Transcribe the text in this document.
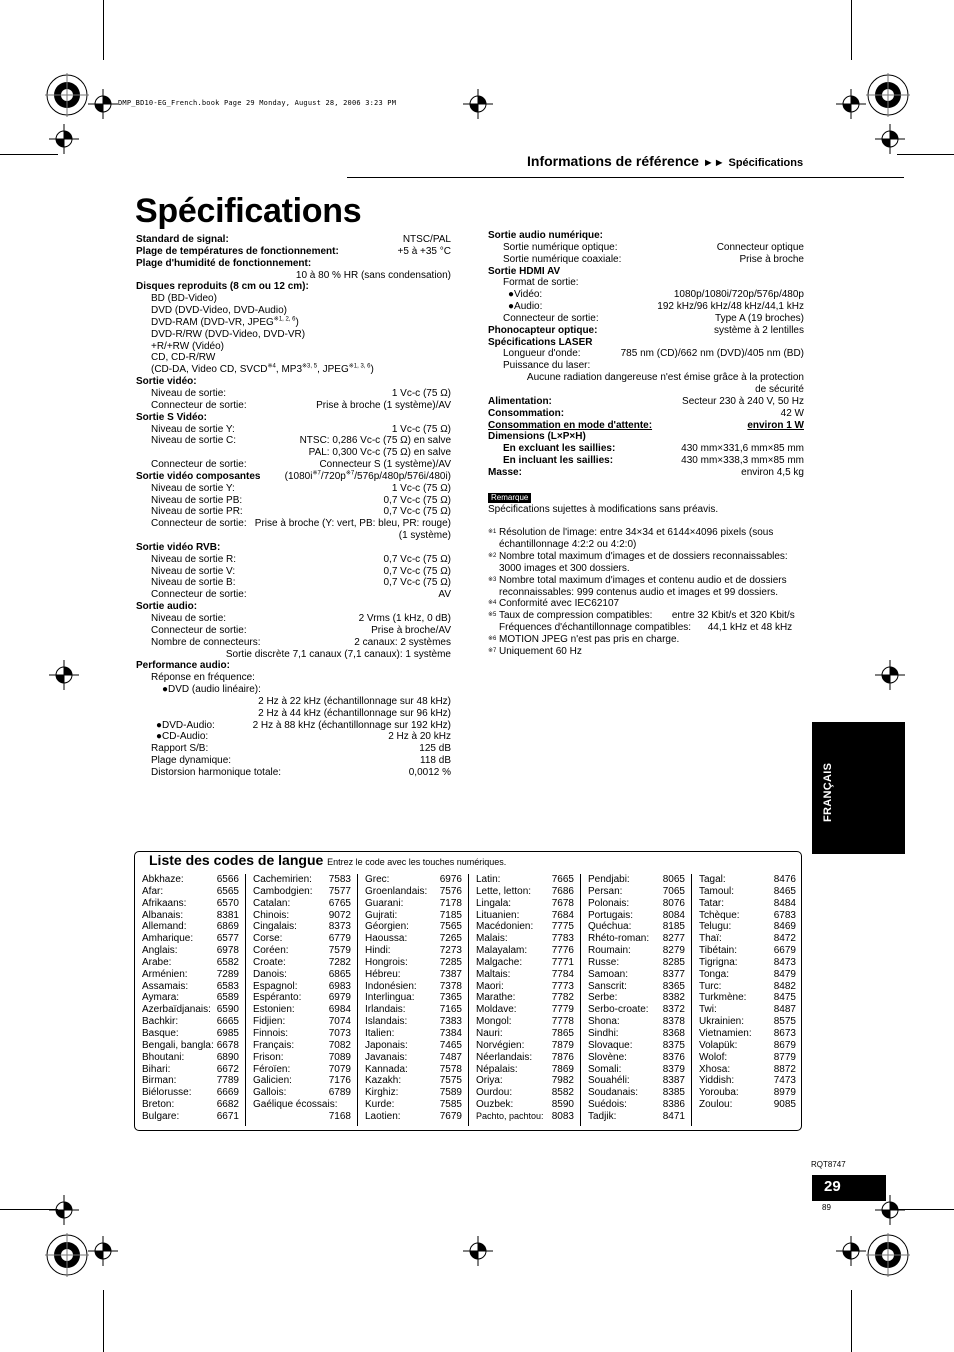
DMP_BD10-EG_French.book Page 29 Monday, August 28, 2006 3:23 PM
Informations de référence ►► Spécifications
Spécifications
Standard de signal:	NTSC/PAL
Plage de températures de fonctionnement:	+5 à +35 °C
Plage d'humidité de fonctionnement:
10 à 80 % HR (sans condensation)
Disques reproduits (8 cm ou 12 cm):
BD (BD-Video)
DVD (DVD-Video, DVD-Audio)
DVD-RAM (DVD-VR, JPEG$^{※1, 2, 6}$)
DVD-R/RW (DVD-Video, DVD-VR)
+R/+RW (Vidéo)
CD, CD-R/RW
(CD-DA, Video CD, SVCD$^{※4}$, MP3$^{※3, 5}$, JPEG$^{※1, 3, 6}$)
Sortie vidéo:
Niveau de sortie:	1 Vc-c (75 Ω)
Connecteur de sortie:	Prise à broche (1 système)/AV
Sortie S Vidéo:
Niveau de sortie Y:	1 Vc-c (75 Ω)
Niveau de sortie C:	NTSC: 0,286 Vc-c (75 Ω) en salve
PAL: 0,300 Vc-c (75 Ω) en salve
Connecteur de sortie:	Connecteur S (1 système)/AV
Sortie vidéo composantes $(1080i^{※7}/720p^{※7}/576p/480p/576i/480i)$
Niveau de sortie Y:	1 Vc-c (75 Ω)
Niveau de sortie PB:	0,7 Vc-c (75 Ω)
Niveau de sortie PR:	0,7 Vc-c (75 Ω)
Connecteur de sortie: Prise à broche (Y: vert, PB: bleu, PR: rouge)
(1 système)
Sortie vidéo RVB:
Niveau de sortie R:	0,7 Vc-c (75 Ω)
Niveau de sortie V:	0,7 Vc-c (75 Ω)
Niveau de sortie B:	0,7 Vc-c (75 Ω)
Connecteur de sortie:	AV
Sortie audio:
Niveau de sortie:	2 Vrms (1 kHz, 0 dB)
Connecteur de sortie:	Prise à broche/AV
Nombre de connecteurs:	2 canaux: 2 systèmes
Sortie discrète 7,1 canaux (7,1 canaux): 1 système
Performance audio:
Réponse en fréquence:
●DVD (audio linéaire):
2 Hz à 22 kHz (échantillonnage sur 48 kHz)
2 Hz à 44 kHz (échantillonnage sur 96 kHz)
●DVD-Audio:	2 Hz à 88 kHz (échantillonnage sur 192 kHz)
●CD-Audio:	2 Hz à 20 kHz
Rapport S/B:	125 dB
Plage dynamique:	118 dB
Distorsion harmonique totale:	0,0012 %
Sortie audio numérique:
Sortie numérique optique:	Connecteur optique
Sortie numérique coaxiale:	Prise à broche
Sortie HDMI AV
Format de sortie:
●Vidéo:	1080p/1080i/720p/576p/480p
●Audio:	192 kHz/96 kHz/48 kHz/44,1 kHz
Connecteur de sortie:	Type A (19 broches)
Phonocapteur optique:	système à 2 lentilles
Spécifications LASER
Longueur d'onde:	785 nm (CD)/662 nm (DVD)/405 nm (BD)
Puissance du laser:
Aucune radiation dangereuse n'est émise grâce à la protection
de sécurité
Alimentation:	Secteur 230 à 240 V, 50 Hz
Consommation:	42 W
Consommation en mode d'attente:	environ 1 W
Dimensions (L×P×H)
En excluant les saillies:	430 mm×331,6 mm×85 mm
En incluant les saillies:	430 mm×338,3 mm×85 mm
Masse:	environ 4,5 kg
Remarque
Spécifications sujettes à modifications sans préavis.
※1 Résolution de l'image: entre 34×34 et 6144×4096 pixels (sous
échantillonnage 4:2:2 ou 4:2:0)
※2 Nombre total maximum d'images et de dossiers reconnaissables:
3000 images et 300 dossiers.
※3 Nombre total maximum d'images et contenu audio et de dossiers
reconnaissables: 999 contenus audio et images et 99 dossiers.
※4 Conformité avec IEC62107
※5 Taux de compression compatibles:       entre 32 Kbit/s et 320 Kbit/s
Fréquences d'échantillonnage compatibles:      44,1 kHz et 48 kHz
※6 MOTION JPEG n'est pas pris en charge.
※7 Uniquement 60 Hz
FRANÇAIS
Liste des codes de langue Entrez le code avec les touches numériques.
Abkhaze:	6566
Afar:	6565
Afrikaans:	6570
Albanais:	8381
Allemand:	6869
Amharique: 6577
Anglais:	6978
Arabe:	6582
Arménien:	7289
Assamais:	6583
Aymara:	6589
Azerbaïdjanais: 6590
Bachkir:	6665
Basque:	6985
Bengali, bangla: 6678
Bhoutani:	6890
Bihari:	6672
Birman:	7789
Biélorusse:	6669
Breton:	6682
Bulgare:	6671
Cachemirien: 7583
Cambodgien: 7577
Catalan:	6765
Chinois:	9072
Cingalais:	8373
Corse:	6779
Coréen:	7579
Croate:	7282
Danois:	6865
Espagnol:	6983
Espéranto:	6979
Estonien:	6984
Fidjien:	7074
Finnois:	7073
Français:	7082
Frison:	7089
Féroïen:	7079
Galicien:	7176
Gallois:	6789
Gaélique écossais:
7168
Grec:	6976
Groenlandais: 7576
Guarani:	7178
Gujrati:	7185
Géorgien:	7565
Haoussa:	7265
Hindi:	7273
Hongrois:	7285
Hébreu:	7387
Indonésien: 7378
Interlingua:	7365
Irlandais:	7165
Islandais:	7383
Italien:	7384
Japonais:	7465
Javanais:	7487
Kannada:	7578
Kazakh:	7575
Kirghiz:	7589
Kurde:	7585
Laotien:	7679
Latin:	7665
Lette, letton: 7686
Lingala:	7678
Lituanien:	7684
Macédonien: 7775
Malais:	7783
Malayalam: 7776
Malgache:	7771
Maltais:	7784
Maori:	7773
Marathe:	7782
Moldave:	7779
Mongol:	7778
Nauri:	7865
Norvégien:	7879
Néerlandais: 7876
Népalais:	7869
Oriya:	7982
Ourdou:	8582
Ouzbek:	8590
Pachto, pachtou: 8083
Pendjabi:	8065
Persan:	7065
Polonais:	8076
Portugais:	8084
Quéchua:	8185
Rhéto-roman: 8277
Roumain:	8279
Russe:	8285
Samoan:	8377
Sanscrit:	8365
Serbe:	8382
Serbo-croate: 8372
Shona:	8378
Sindhi:	8368
Slovaque:	8375
Slovène:	8376
Somali:	8379
Souahéli:	8387
Soudanais: 8385
Suédois:	8386
Tadjik:	8471
Tagal:	8476
Tamoul:	8465
Tatar:	8484
Tchèque:	6783
Telugu:	8469
Thaï:	8472
Tibétain:	6679
Tigrigna:	8473
Tonga:	8479
Turc:	8482
Turkmène:	8475
Twi:	8487
Ukrainien:	8575
Vietnamien: 8673
Volapük:	8679
Wolof:	8779
Xhosa:	8872
Yiddish:	7473
Yorouba:	8979
Zoulou:	9085
RQT8747
29
89
